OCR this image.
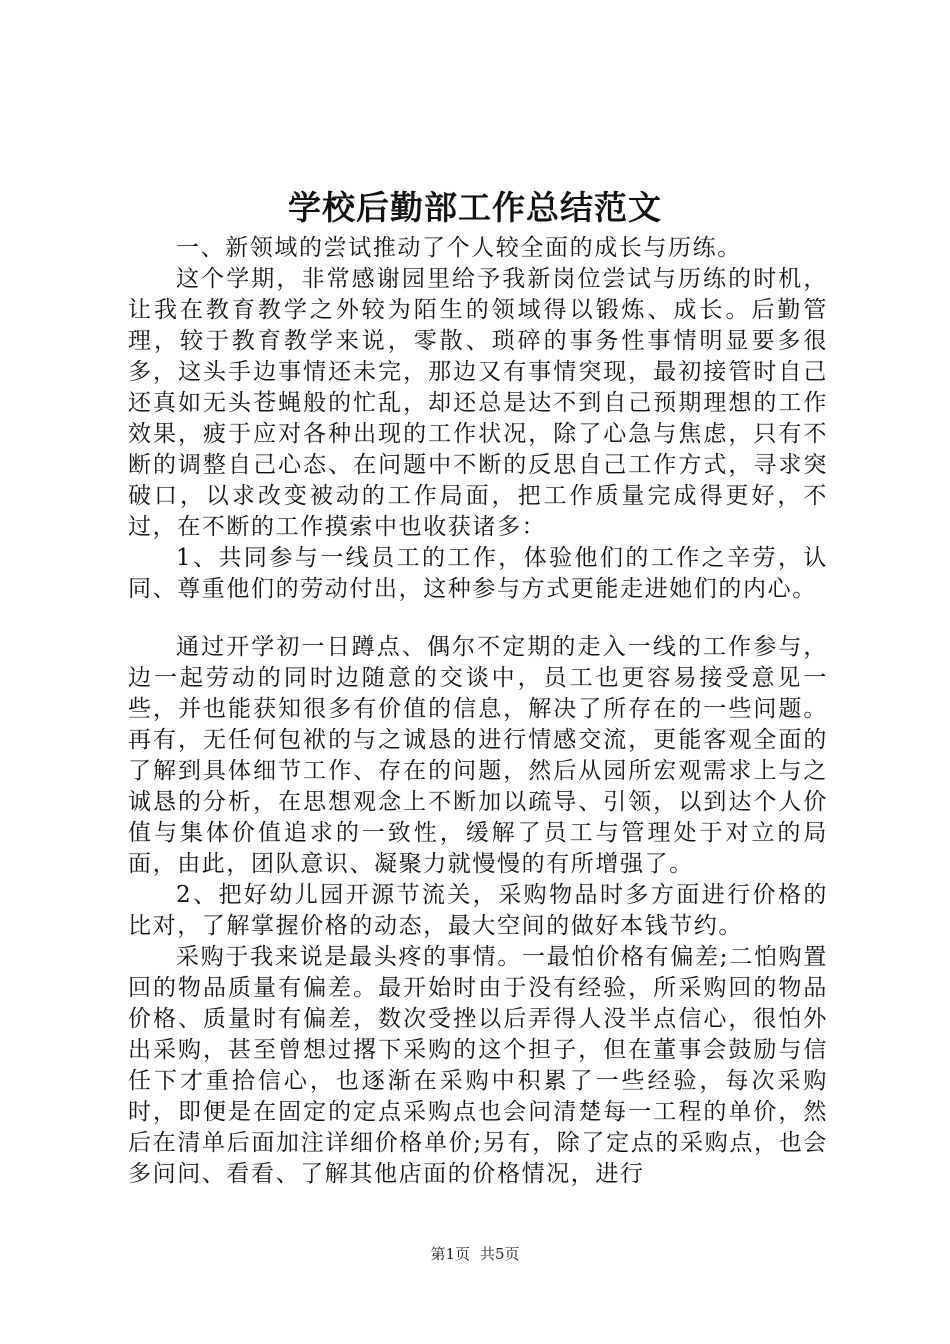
学校后勤部工作总结范文

一、新领域的尝试推动了个人较全面的成长与历练。

这个学期，非常感谢园里给予我新岗位尝试与历练的时机，让我在教育教学之外较为陌生的领域得以锻炼、成长。后勤管理，较于教育教学来说，零散、琐碎的事务性事情明显要多很多，这头手边事情还未完，那边又有事情突现，最初接管时自己还真如无头苍蝇般的忙乱，却还总是达不到自己预期理想的工作效果，疲于应对各种出现的工作状况，除了心急与焦虑，只有不断的调整自己心态、在问题中不断的反思自己工作方式，寻求突破口，以求改变被动的工作局面，把工作质量完成得更好，不过，在不断的工作摸索中也收获诸多：

1、共同参与一线员工的工作，体验他们的工作之辛劳，认同、尊重他们的劳动付出，这种参与方式更能走进她们的内心。

通过开学初一日蹲点、偶尔不定期的走入一线的工作参与，边一起劳动的同时边随意的交谈中，员工也更容易接受意见一些，并也能获知很多有价值的信息，解决了所存在的一些问题。再有，无任何包袱的与之诚恳的进行情感交流，更能客观全面的了解到具体细节工作、存在的问题，然后从园所宏观需求上与之诚恳的分析，在思想观念上不断加以疏导、引领，以到达个人价值与集体价值追求的一致性，缓解了员工与管理处于对立的局面，由此，团队意识、凝聚力就慢慢的有所增强了。

2、把好幼儿园开源节流关，采购物品时多方面进行价格的比对，了解掌握价格的动态，最大空间的做好本钱节约。

采购于我来说是最头疼的事情。一最怕价格有偏差;二怕购置回的物品质量有偏差。最开始时由于没有经验，所采购回的物品价格、质量时有偏差，数次受挫以后弄得人没半点信心，很怕外出采购，甚至曾想过撂下采购的这个担子，但在董事会鼓励与信任下才重拾信心，也逐渐在采购中积累了一些经验，每次采购时，即便是在固定的定点采购点也会问清楚每一工程的单价，然后在清单后面加注详细价格单价;另有，除了定点的采购点，也会多问问、看看、了解其他店面的价格情况，进行

第1页 共5页
